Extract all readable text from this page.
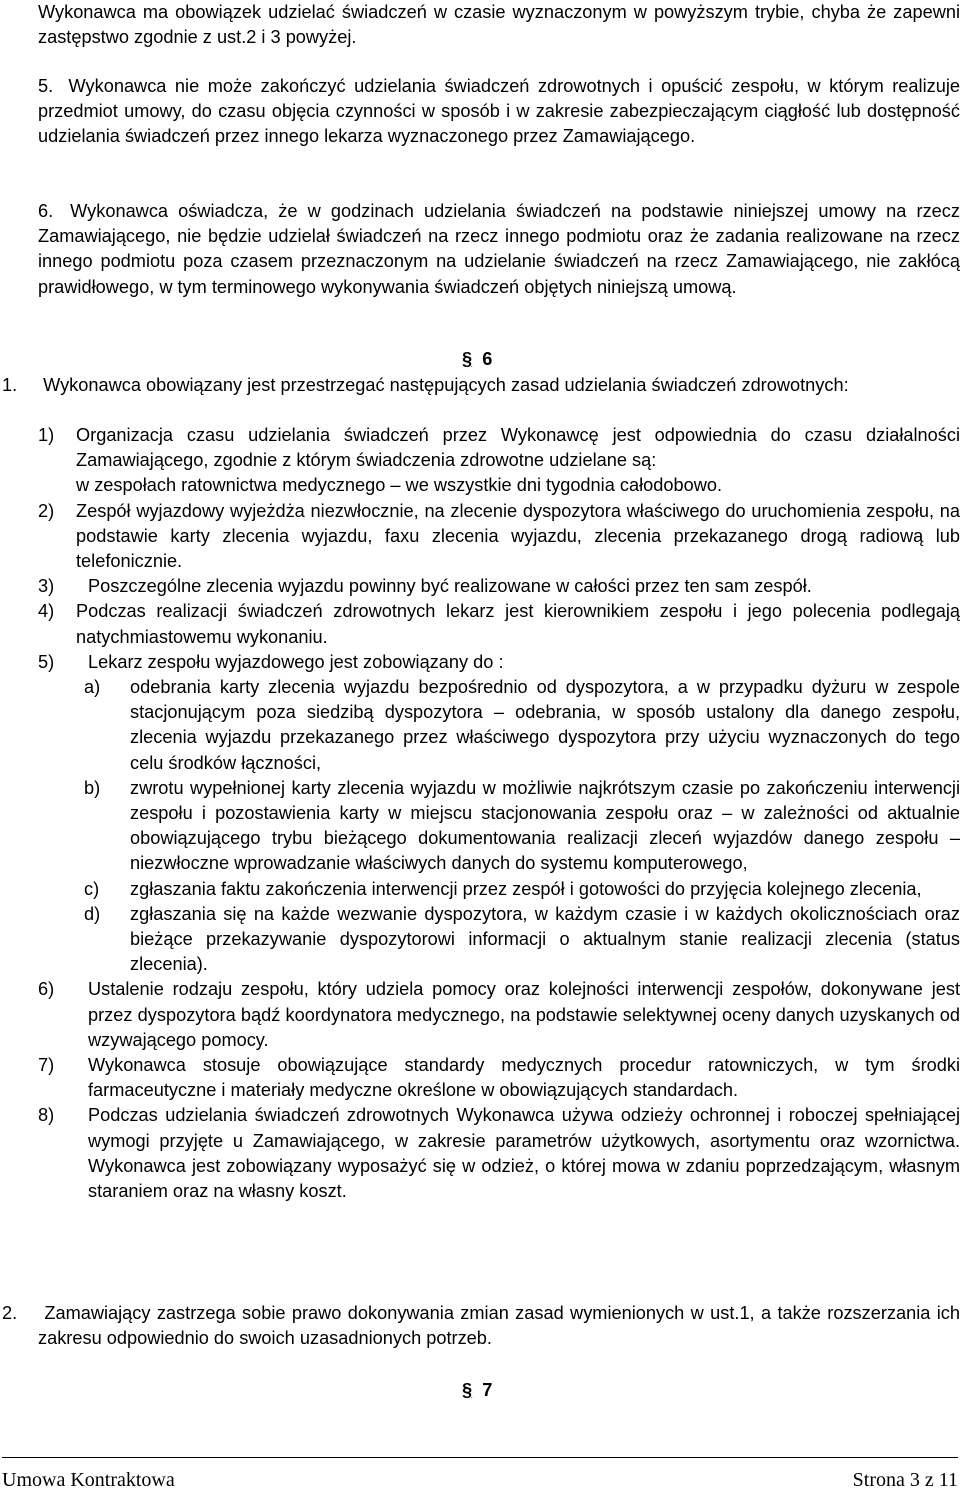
Wykonawca ma obowiązek udzielać świadczeń w czasie wyznaczonym w powyższym trybie, chyba że zapewni zastępstwo zgodnie z ust.2 i 3 powyżej.

5. Wykonawca nie może zakończyć udzielania świadczeń zdrowotnych i opuścić zespołu, w którym realizuje przedmiot umowy, do czasu objęcia czynności w sposób i w zakresie zabezpieczającym ciągłość lub dostępność udzielania świadczeń przez innego lekarza wyznaczonego przez Zamawiającego.

6. Wykonawca oświadcza, że w godzinach udzielania świadczeń na podstawie niniejszej umowy na rzecz Zamawiającego, nie będzie udzielał świadczeń na rzecz innego podmiotu oraz że zadania realizowane na rzecz innego podmiotu poza czasem przeznaczonym na udzielanie świadczeń na rzecz Zamawiającego, nie zakłócą prawidłowego, w tym terminowego wykonywania świadczeń objętych niniejszą umową.

§ 6

1. Wykonawca obowiązany jest przestrzegać następujących zasad udzielania świadczeń zdrowotnych:

1) Organizacja czasu udzielania świadczeń przez Wykonawcę jest odpowiednia do czasu działalności Zamawiającego, zgodnie z którym świadczenia zdrowotne udzielane są:

w zespołach ratownictwa medycznego – we wszystkie dni tygodnia całodobowo.

2) Zespół wyjazdowy wyjeżdża niezwłocznie, na zlecenie dyspozytora właściwego do uruchomienia zespołu, na podstawie karty zlecenia wyjazdu, faxu zlecenia wyjazdu, zlecenia przekazanego drogą radiową lub telefonicznie.

3) Poszczególne zlecenia wyjazdu powinny być realizowane w całości przez ten sam zespół.

4) Podczas realizacji świadczeń zdrowotnych lekarz jest kierownikiem zespołu i jego polecenia podlegają natychmiastowemu wykonaniu.

5) Lekarz zespołu wyjazdowego jest zobowiązany do :

a) odebrania karty zlecenia wyjazdu bezpośrednio od dyspozytora, a w przypadku dyżuru w zespole stacjonującym poza siedzibą dyspozytora – odebrania, w sposób ustalony dla danego zespołu, zlecenia wyjazdu przekazanego przez właściwego dyspozytora przy użyciu wyznaczonych do tego celu środków łączności,

b) zwrotu wypełnionej karty zlecenia wyjazdu w możliwie najkrótszym czasie po zakończeniu interwencji zespołu i pozostawienia karty w miejscu stacjonowania zespołu oraz – w zależności od aktualnie obowiązującego trybu bieżącego dokumentowania realizacji zleceń wyjazdów danego zespołu – niezwłoczne wprowadzanie właściwych danych do systemu komputerowego,

c) zgłaszania faktu zakończenia interwencji przez zespół i gotowości do przyjęcia kolejnego zlecenia,

d) zgłaszania się na każde wezwanie dyspozytora, w każdym czasie i w każdych okolicznościach oraz bieżące przekazywanie dyspozytorowi informacji o aktualnym stanie realizacji zlecenia (status zlecenia).

6) Ustalenie rodzaju zespołu, który udziela pomocy oraz kolejności interwencji zespołów, dokonywane jest przez dyspozytora bądź koordynatora medycznego, na podstawie selektywnej oceny danych uzyskanych od wzywającego pomocy.

7) Wykonawca stosuje obowiązujące standardy medycznych procedur ratowniczych, w tym środki farmaceutyczne i materiały medyczne określone w obowiązujących standardach.

8) Podczas udzielania świadczeń zdrowotnych Wykonawca używa odzieży ochronnej i roboczej spełniającej wymogi przyjęte u Zamawiającego, w zakresie parametrów użytkowych, asortymentu oraz wzornictwa. Wykonawca jest zobowiązany wyposażyć się w odzież, o której mowa w zdaniu poprzedzającym, własnym staraniem oraz na własny koszt.

2. Zamawiający zastrzega sobie prawo dokonywania zmian zasad wymienionych w ust.1, a także rozszerzania ich zakresu odpowiednio do swoich uzasadnionych potrzeb.

§ 7
Umowa Kontraktowa	Strona 3 z 11
